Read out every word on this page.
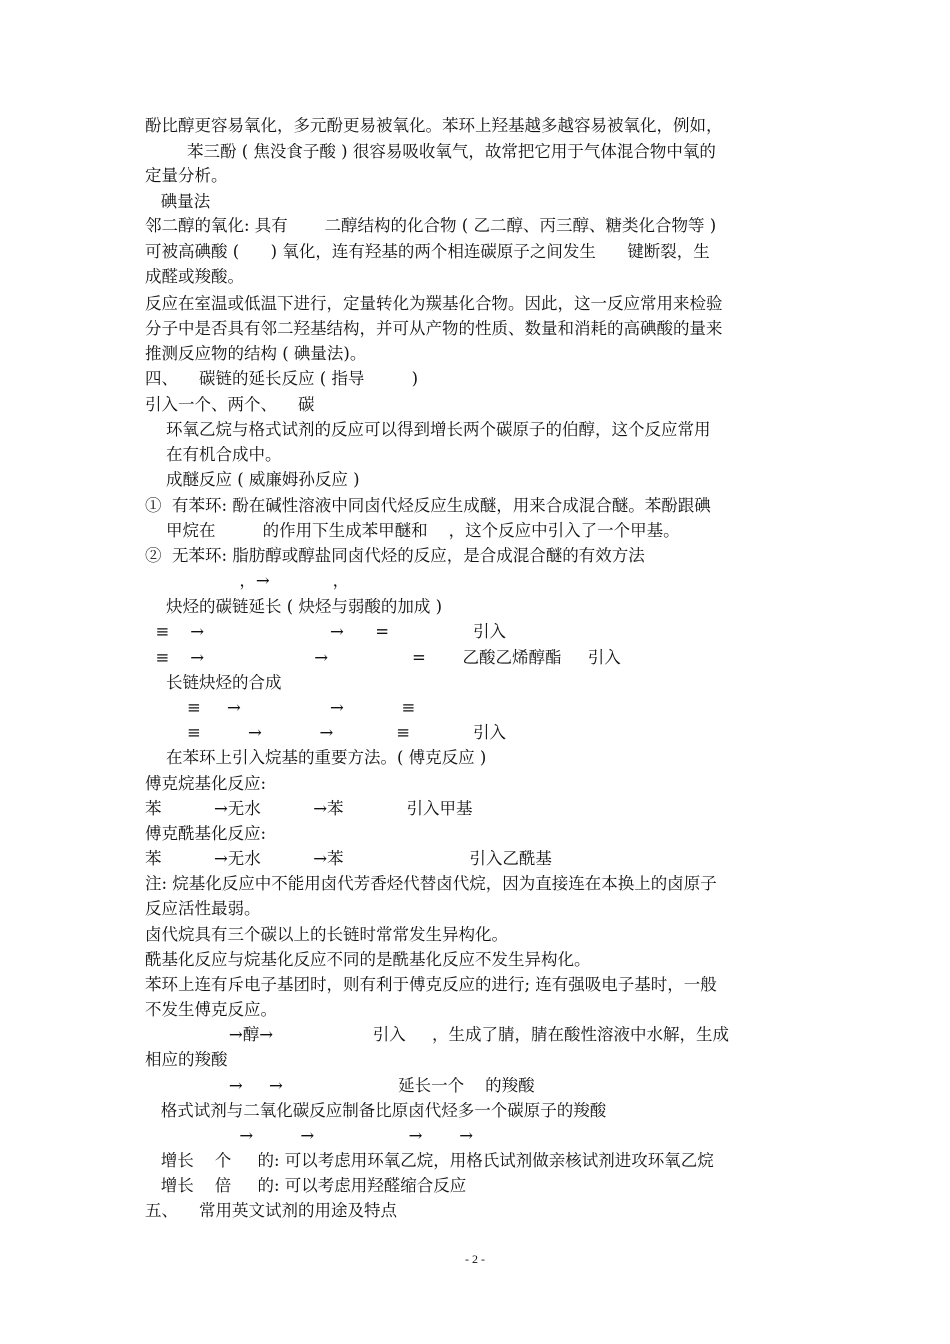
酚比醇更容易氧化，多元酚更易被氧化。苯环上羟基越多越容易被氧化，例如，
苯三酚 ( 焦没食子酸 ) 很容易吸收氧气，故常把它用于气体混合物中氧的
定量分析。
碘量法
邻二醇的氧化: 具有       二醇结构的化合物 ( 乙二醇、丙三醇、糖类化合物等 )
可被高碘酸 (      ) 氧化，连有羟基的两个相连碳原子之间发生      键断裂，生
成醛或羧酸。
反应在室温或低温下进行，定量转化为羰基化合物。因此，这一反应常用来检验
分子中是否具有邻二羟基结构，并可从产物的性质、数量和消耗的高碘酸的量来
推测反应物的结构 ( 碘量法)。
四、    碳链的延长反应 ( 指导         )
引入一个、两个、    碳
环氧乙烷与格式试剂的反应可以得到增长两个碳原子的伯醇，这个反应常用
在有机合成中。
成醚反应 ( 威廉姆孙反应 )
①  有苯环: 酚在碱性溶液中同卤代烃反应生成醚，用来合成混合醚。苯酚跟碘
甲烷在         的作用下生成苯甲醚和    ，这个反应中引入了一个甲基。
②  无苯环: 脂肪醇或醇盐同卤代烃的反应，是合成混合醚的有效方法
，→            ，
炔烃的碳链延长 ( 炔烃与弱酸的加成 )
≡    →                        →      =                引入
≡    →                     →                =       乙酸乙烯醇酯     引入
长链炔烃的合成
≡     →                 →           ≡
≡         →           →            ≡            引入
在苯环上引入烷基的重要方法。( 傅克反应 )
傅克烷基化反应:
苯          →无水          →苯            引入甲基
傅克酰基化反应:
苯          →无水          →苯                        引入乙酰基
注: 烷基化反应中不能用卤代芳香烃代替卤代烷，因为直接连在本换上的卤原子
反应活性最弱。
卤代烷具有三个碳以上的长链时常常发生异构化。
酰基化反应与烷基化反应不同的是酰基化反应不发生异构化。
苯环上连有斥电子基团时，则有利于傅克反应的进行; 连有强吸电子基时，一般
不发生傅克反应。
→醇→                   引入     ，生成了腈，腈在酸性溶液中水解，生成
相应的羧酸
→     →                      延长一个    的羧酸
格式试剂与二氧化碳反应制备比原卤代烃多一个碳原子的羧酸
→         →                  →       →
增长    个     的: 可以考虑用环氧乙烷，用格氏试剂做亲核试剂进攻环氧乙烷
增长    倍     的: 可以考虑用羟醛缩合反应
五、    常用英文试剂的用途及特点
- 2 -
